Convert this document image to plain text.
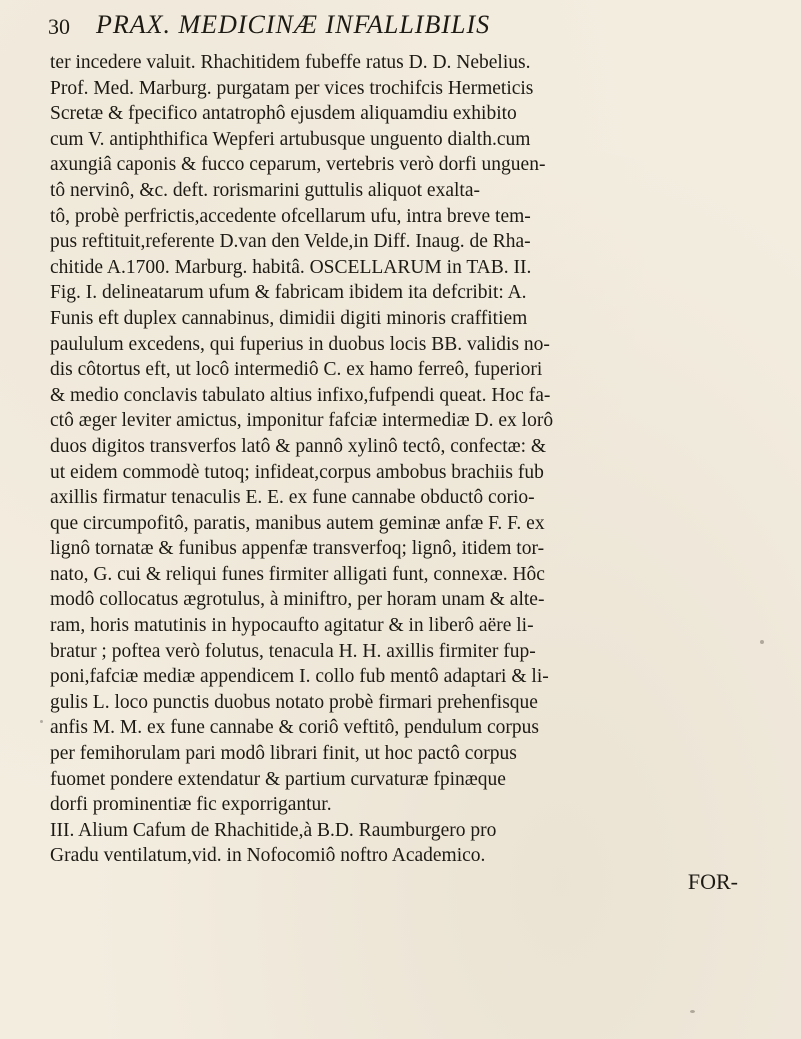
30 PRAX. MEDICINÆ INFALLIBILIS
ter incedere valuit. Rhachitidem fubeffe ratus D. D. Nebelius.
Prof. Med. Marburg. purgatam per vices trochifcis Hermeticis
Scretæ & fpecifico antatrophô ejusdem aliquamdiu exhibito
cum V. antiphthifica Wepferi artubusque unguento dialth.cum
axungiâ caponis & fucco ceparum, vertebris verò dorfi unguen-
tô nervinô, &c. deft. rorismarini guttulis aliquot exalta-
tô, probè perfrictis,accedente ofcellarum ufu, intra breve tem-
pus reftituit,referente D.van den Velde,in Diff. Inaug. de Rha-
chitide A.1700. Marburg. habitâ. OSCELLARUM in TAB. II.
Fig. I. delineatarum ufum & fabricam ibidem ita defcribit: A.
Funis eft duplex cannabinus, dimidii digiti minoris craffitiem
paululum excedens, qui fuperius in duobus locis BB. validis no-
dis côtortus eft, ut locô intermediô C. ex hamo ferreô, fuperiori
& medio conclavis tabulato altius infixo,fufpendi queat. Hoc fa-
ctô æger leviter amictus, imponitur fafciæ intermediæ D. ex lorô
duos digitos transverfos latô & pannô xylinô tectô, confectæ: &
ut eidem commodè tutoq; infideat,corpus ambobus brachiis fub
axillis firmatur tenaculis E. E. ex fune cannabe obductô corio-
que circumpofitô, paratis, manibus autem geminæ anfæ F. F. ex
lignô tornatæ & funibus appenfæ transverfoq; lignô, itidem tor-
nato, G. cui & reliqui funes firmiter alligati funt, connexæ. Hôc
modô collocatus ægrotulus, à miniftro, per horam unam & alte-
ram, horis matutinis in hypocaufto agitatur & in liberô aëre li-
bratur ; poftea verò folutus, tenacula H. H. axillis firmiter fup-
poni,fafciæ mediæ appendicem I. collo fub mentô adaptari & li-
gulis L. loco punctis duobus notato probè firmari prehenfisque
anfis M. M. ex fune cannabe & coriô veftitô, pendulum corpus
per femihorulam pari modô librari finit, ut hoc pactô corpus
fuomet pondere extendatur & partium curvaturæ fpinæque
dorfi prominentiæ fic exporrigantur.
III. Alium Cafum de Rhachitide,à B.D. Raumburgero pro
Gradu ventilatum,vid. in Nofocomiô noftro Academico.
FOR-
